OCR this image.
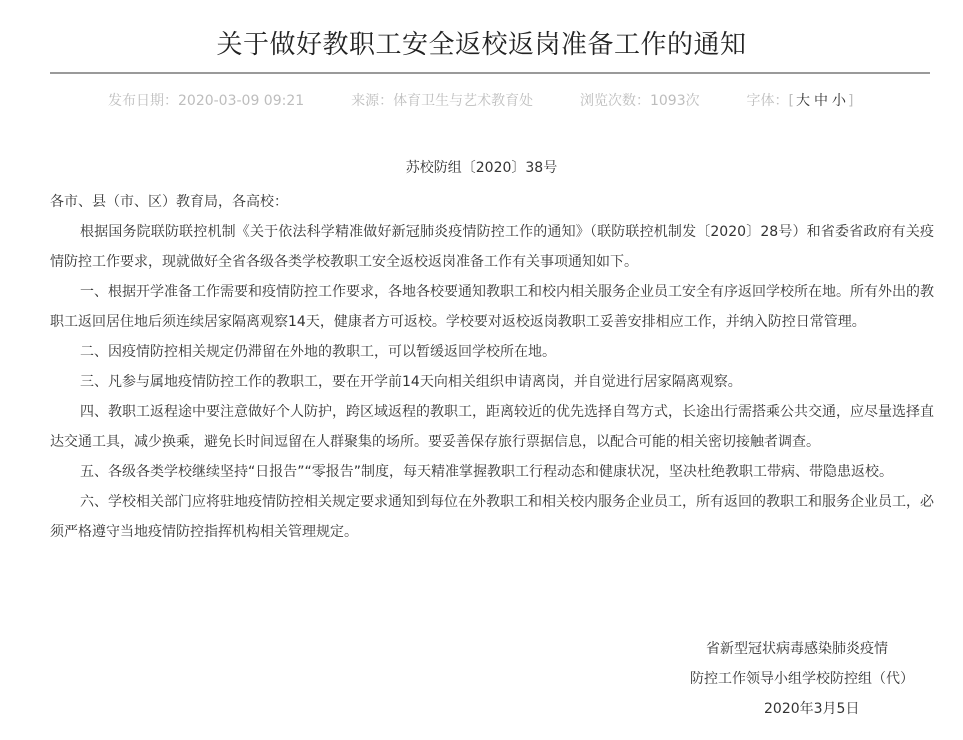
关于做好教职工安全返校返岗准备工作的通知
发布日期：2020-03-09 09:21	来源：体育卫生与艺术教育处	浏览次数：1093次	字体：[ 大 中 小 ]
苏校防组〔2020〕38号

各市、县（市、区）教育局，各高校：

根据国务院联防联控机制《关于依法科学精准做好新冠肺炎疫情防控工作的通知》（联防联控机制发〔2020〕28号）和省委省政府有关疫情防控工作要求，现就做好全省各级各类学校教职工安全返校返岗准备工作有关事项通知如下。

一、根据开学准备工作需要和疫情防控工作要求，各地各校要通知教职工和校内相关服务企业员工安全有序返回学校所在地。所有外出的教职工返回居住地后须连续居家隔离观察14天，健康者方可返校。学校要对返校返岗教职工妥善安排相应工作，并纳入防控日常管理。

二、因疫情防控相关规定仍滞留在外地的教职工，可以暂缓返回学校所在地。

三、凡参与属地疫情防控工作的教职工，要在开学前14天向相关组织申请离岗，并自觉进行居家隔离观察。

四、教职工返程途中要注意做好个人防护，跨区域返程的教职工，距离较近的优先选择自驾方式，长途出行需搭乘公共交通，应尽量选择直达交通工具，减少换乘，避免长时间逗留在人群聚集的场所。要妥善保存旅行票据信息，以配合可能的相关密切接触者调查。

五、各级各类学校继续坚持“日报告”“零报告”制度，每天精准掌握教职工行程动态和健康状况，坚决杜绝教职工带病、带隐患返校。

六、学校相关部门应将驻地疫情防控相关规定要求通知到每位在外教职工和相关校内服务企业员工，所有返回的教职工和服务企业员工，必须严格遵守当地疫情防控指挥机构相关管理规定。

省新型冠状病毒感染肺炎疫情
防控工作领导小组学校防控组（代）
2020年3月5日
